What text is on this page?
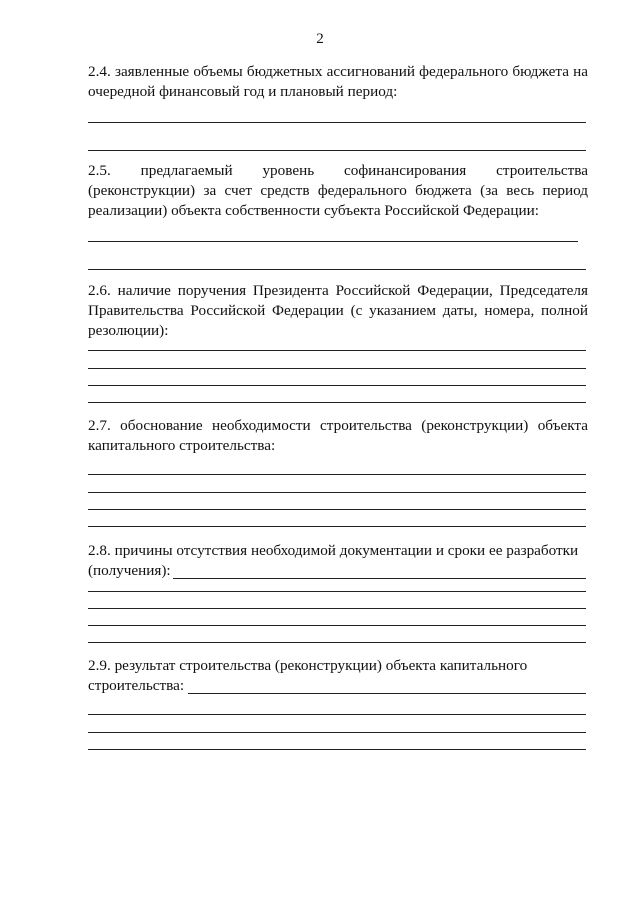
2

2.4. заявленные объемы бюджетных ассигнований федерального бюджета на очередной финансовый год и плановый период:

2.5. предлагаемый уровень софинансирования строительства (реконструкции) за счет средств федерального бюджета (за весь период реализации) объекта собственности субъекта Российской Федерации:

2.6. наличие поручения Президента Российской Федерации, Председателя Правительства Российской Федерации (с указанием даты, номера, полной резолюции):

2.7. обоснование необходимости строительства (реконструкции) объекта капитального строительства:

2.8. причины отсутствия необходимой документации и сроки ее разработки

(получения):

2.9. результат строительства (реконструкции) объекта капитального

строительства:
